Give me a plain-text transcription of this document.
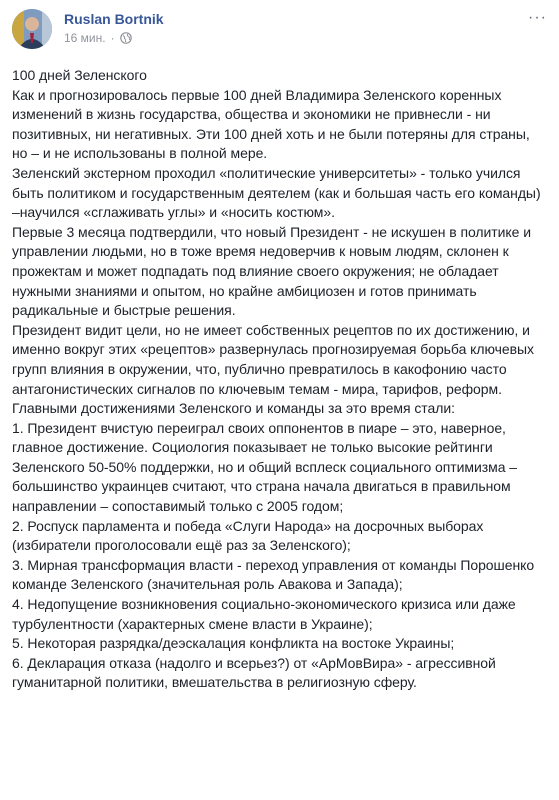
Ruslan Bortnik
16 мин. ·
···

100 дней Зеленского

Как и прогнозировалось первые 100 дней Владимира Зеленского коренных изменений в жизнь государства, общества и экономики не привнесли - ни позитивных, ни негативных. Эти 100 дней хоть и не были потеряны для страны, но – и не использованы в полной мере.

Зеленский экстерном проходил «политические университеты» - только учился быть политиком и государственным деятелем (как и большая часть его команды) –научился «сглаживать углы» и «носить костюм».

Первые 3 месяца подтвердили, что новый Президент - не искушен в политике и управлении людьми, но в тоже время недоверчив к новым людям, склонен к прожектам и может подпадать под влияние своего окружения; не обладает нужными знаниями и опытом, но крайне амбициозен и готов принимать радикальные и быстрые решения.

Президент видит цели, но не имеет собственных рецептов по их достижению, и именно вокруг этих «рецептов» развернулась прогнозируемая борьба ключевых групп влияния в окружении, что, публично превратилось в какофонию часто антагонистических сигналов по ключевым темам - мира, тарифов, реформ.

Главными достижениями Зеленского и команды за это время стали:

1. Президент вчистую переиграл своих оппонентов в пиаре – это, наверное, главное достижение. Социология показывает не только высокие рейтинги Зеленского 50-50% поддержки, но и общий всплеск социального оптимизма – большинство украинцев считают, что страна начала двигаться в правильном направлении – сопоставимый только с 2005 годом;

2. Роспуск парламента и победа «Слуги Народа» на досрочных выборах (избиратели проголосовали ещё раз за Зеленского);

3. Мирная трансформация власти - переход управления от команды Порошенко команде Зеленского (значительная роль Авакова и Запада);

4. Недопущение возникновения социально-экономического кризиса или даже турбулентности (характерных смене власти в Украине);

5. Некоторая разрядка/деэскалация конфликта на востоке Украины;

6. Декларация отказа (надолго и всерьез?) от «АрМовВира» - агрессивной гуманитарной политики, вмешательства в религиозную сферу.
